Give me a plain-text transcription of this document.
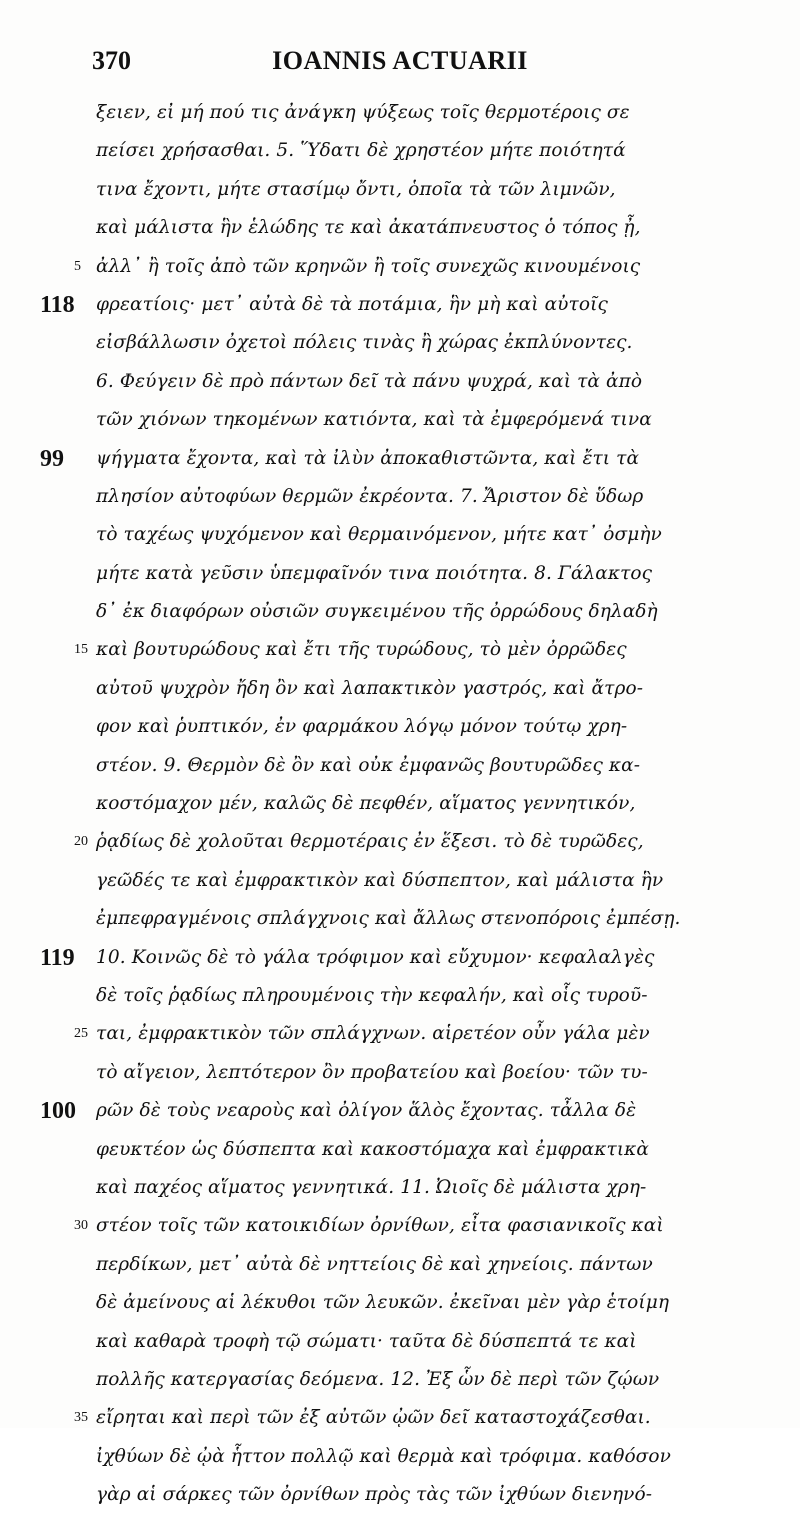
370	IOANNIS ACTUARII
ξειεν, εἰ μή πού τις ἀνάγκη ψύξεως τοῖς θερμοτέροις σε
πείσει χρήσασθαι. 5. Ὕδατι δὲ χρηστέον μήτε ποιότητά
τινα ἔχοντι, μήτε στασίμῳ ὄντι, ὁποῖα τὰ τῶν λιμνῶν,
καὶ μάλιστα ἣν ἑλώδης τε καὶ ἀκατάπνευστος ὁ τόπος ᾖ,
5 ἀλλ᾽ ἢ τοῖς ἀπὸ τῶν κρηνῶν ἢ τοῖς συνεχῶς κινουμένοις
118	φρεατίοις· μετ᾽ αὐτὰ δὲ τὰ ποτάμια, ἣν μὴ καὶ αὐτοῖς
εἰσβάλλωσιν ὀχετοὶ πόλεις τινὰς ἢ χώρας ἐκπλύνοντες.
6. Φεύγειν δὲ πρὸ πάντων δεῖ τὰ πάνυ ψυχρά, καὶ τὰ ἀπὸ
τῶν χιόνων τηκομένων κατιόντα, καὶ τὰ ἐμφερόμενά τινα
99	ψήγματα ἔχοντα, καὶ τὰ ἰλὺν ἀποκαθιστῶντα, καὶ ἔτι τὰ
πλησίον αὐτοφύων θερμῶν ἐκρέοντα. 7. Ἄριστον δὲ ὕδωρ
τὸ ταχέως ψυχόμενον καὶ θερμαινόμενον, μήτε κατ᾽ ὀσμὴν
μήτε κατὰ γεῦσιν ὑπεμφαῖνόν τινα ποιότητα. 8. Γάλακτος
δ᾽ ἐκ διαφόρων οὐσιῶν συγκειμένου τῆς ὀρρώδους δηλαδὴ
15 καὶ βουτυρώδους καὶ ἔτι τῆς τυρώδους, τὸ μὲν ὀρρῶδες
αὐτοῦ ψυχρὸν ἤδη ὂν καὶ λαπακτικὸν γαστρός, καὶ ἄτρο-
φον καὶ ῥυπτικόν, ἐν φαρμάκου λόγῳ μόνον τούτῳ χρη-
στέον. 9. Θερμὸν δὲ ὂν καὶ οὐκ ἐμφανῶς βουτυρῶδες κα-
κοστόμαχον μέν, καλῶς δὲ πεφθέν, αἵματος γεννητικόν,
20 ῥᾳδίως δὲ χολοῦται θερμοτέραις ἐν ἕξεσι. τὸ δὲ τυρῶδες,
γεῶδές τε καὶ ἐμφρακτικὸν καὶ δύσπεπτον, καὶ μάλιστα ἣν
ἐμπεφραγμένοις σπλάγχνοις καὶ ἄλλως στενοπόροις ἐμπέσῃ.
119	10. Κοινῶς δὲ τὸ γάλα τρόφιμον καὶ εὔχυμον· κεφαλαλγὲς
δὲ τοῖς ῥᾳδίως πληρουμένοις τὴν κεφαλήν, καὶ οἷς τυροῦ-
25 ται, ἐμφρακτικὸν τῶν σπλάγχνων. αἱρετέον οὖν γάλα μὲν
τὸ αἴγειον, λεπτότερον ὂν προβατείου καὶ βοείου· τῶν τυ-
100	ρῶν δὲ τοὺς νεαροὺς καὶ ὀλίγον ἅλὸς ἔχοντας. τἆλλα δὲ
φευκτέον ὡς δύσπεπτα καὶ κακοστόμαχα καὶ ἐμφρακτικὰ
καὶ παχέος αἵματος γεννητικά. 11. Ὠιοῖς δὲ μάλιστα χρη-
30 στέον τοῖς τῶν κατοικιδίων ὀρνίθων, εἶτα φασιανικοῖς καὶ
περδίκων, μετ᾽ αὐτὰ δὲ νηττείοις δὲ καὶ χηνείοις. πάντων
δὲ ἀμείνους αἱ λέκυθοι τῶν λευκῶν. ἐκεῖναι μὲν γὰρ ἑτοίμη
καὶ καθαρὰ τροφὴ τῷ σώματι· ταῦτα δὲ δύσπεπτά τε καὶ
πολλῆς κατεργασίας δεόμενα. 12. Ἐξ ὧν δὲ περὶ τῶν ζῴων
35 εἴρηται καὶ περὶ τῶν ἐξ αὐτῶν ᾠῶν δεῖ καταστοχάζεσθαι.
ἰχθύων δὲ ᾠὰ ἧττον πολλῷ καὶ θερμὰ καὶ τρόφιμα. καθόσον
γὰρ αἱ σάρκες τῶν ὀρνίθων πρὸς τὰς τῶν ἰχθύων διενηνό-
